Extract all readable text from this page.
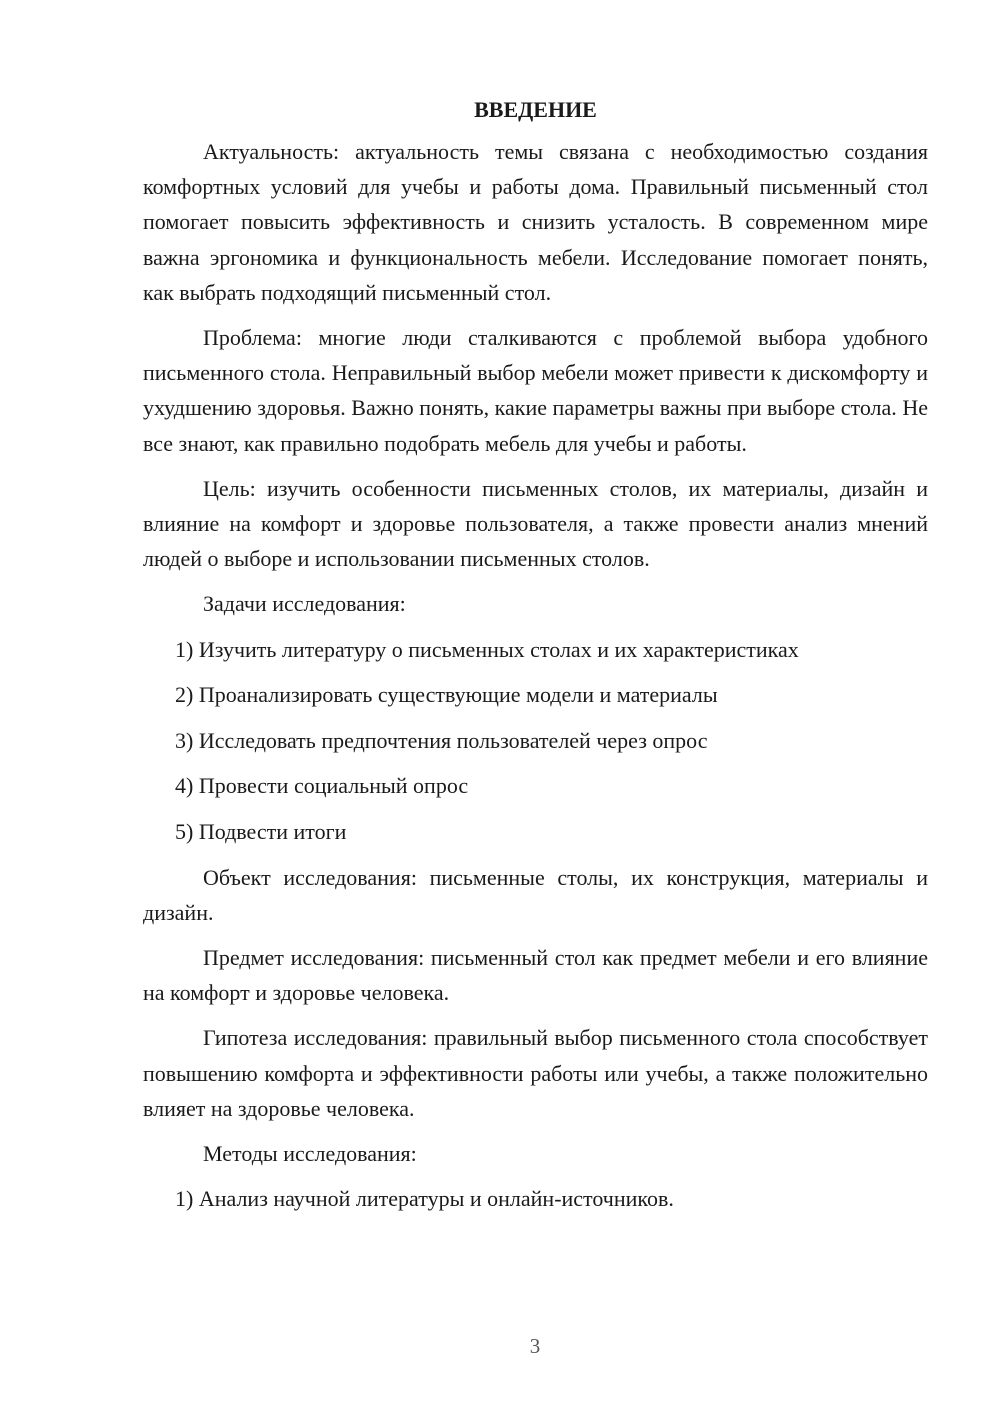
ВВЕДЕНИЕ

Актуальность: актуальность темы связана с необходимостью создания комфортных условий для учебы и работы дома. Правильный письменный стол помогает повысить эффективность и снизить усталость. В современном мире важна эргономика и функциональность мебели. Исследование помогает понять, как выбрать подходящий письменный стол.

Проблема: многие люди сталкиваются с проблемой выбора удобного письменного стола. Неправильный выбор мебели может привести к дискомфорту и ухудшению здоровья. Важно понять, какие параметры важны при выборе стола. Не все знают, как правильно подобрать мебель для учебы и работы.

Цель: изучить особенности письменных столов, их материалы, дизайн и влияние на комфорт и здоровье пользователя, а также провести анализ мнений людей о выборе и использовании письменных столов.

Задачи исследования:

1) Изучить литературу о письменных столах и их характеристиках
2) Проанализировать существующие модели и материалы
3) Исследовать предпочтения пользователей через опрос
4) Провести социальный опрос
5) Подвести итоги

Объект исследования: письменные столы, их конструкция, материалы и дизайн.

Предмет исследования: письменный стол как предмет мебели и его влияние на комфорт и здоровье человека.

Гипотеза исследования: правильный выбор письменного стола способствует повышению комфорта и эффективности работы или учебы, а также положительно влияет на здоровье человека.

Методы исследования:

1) Анализ научной литературы и онлайн-источников.
3
